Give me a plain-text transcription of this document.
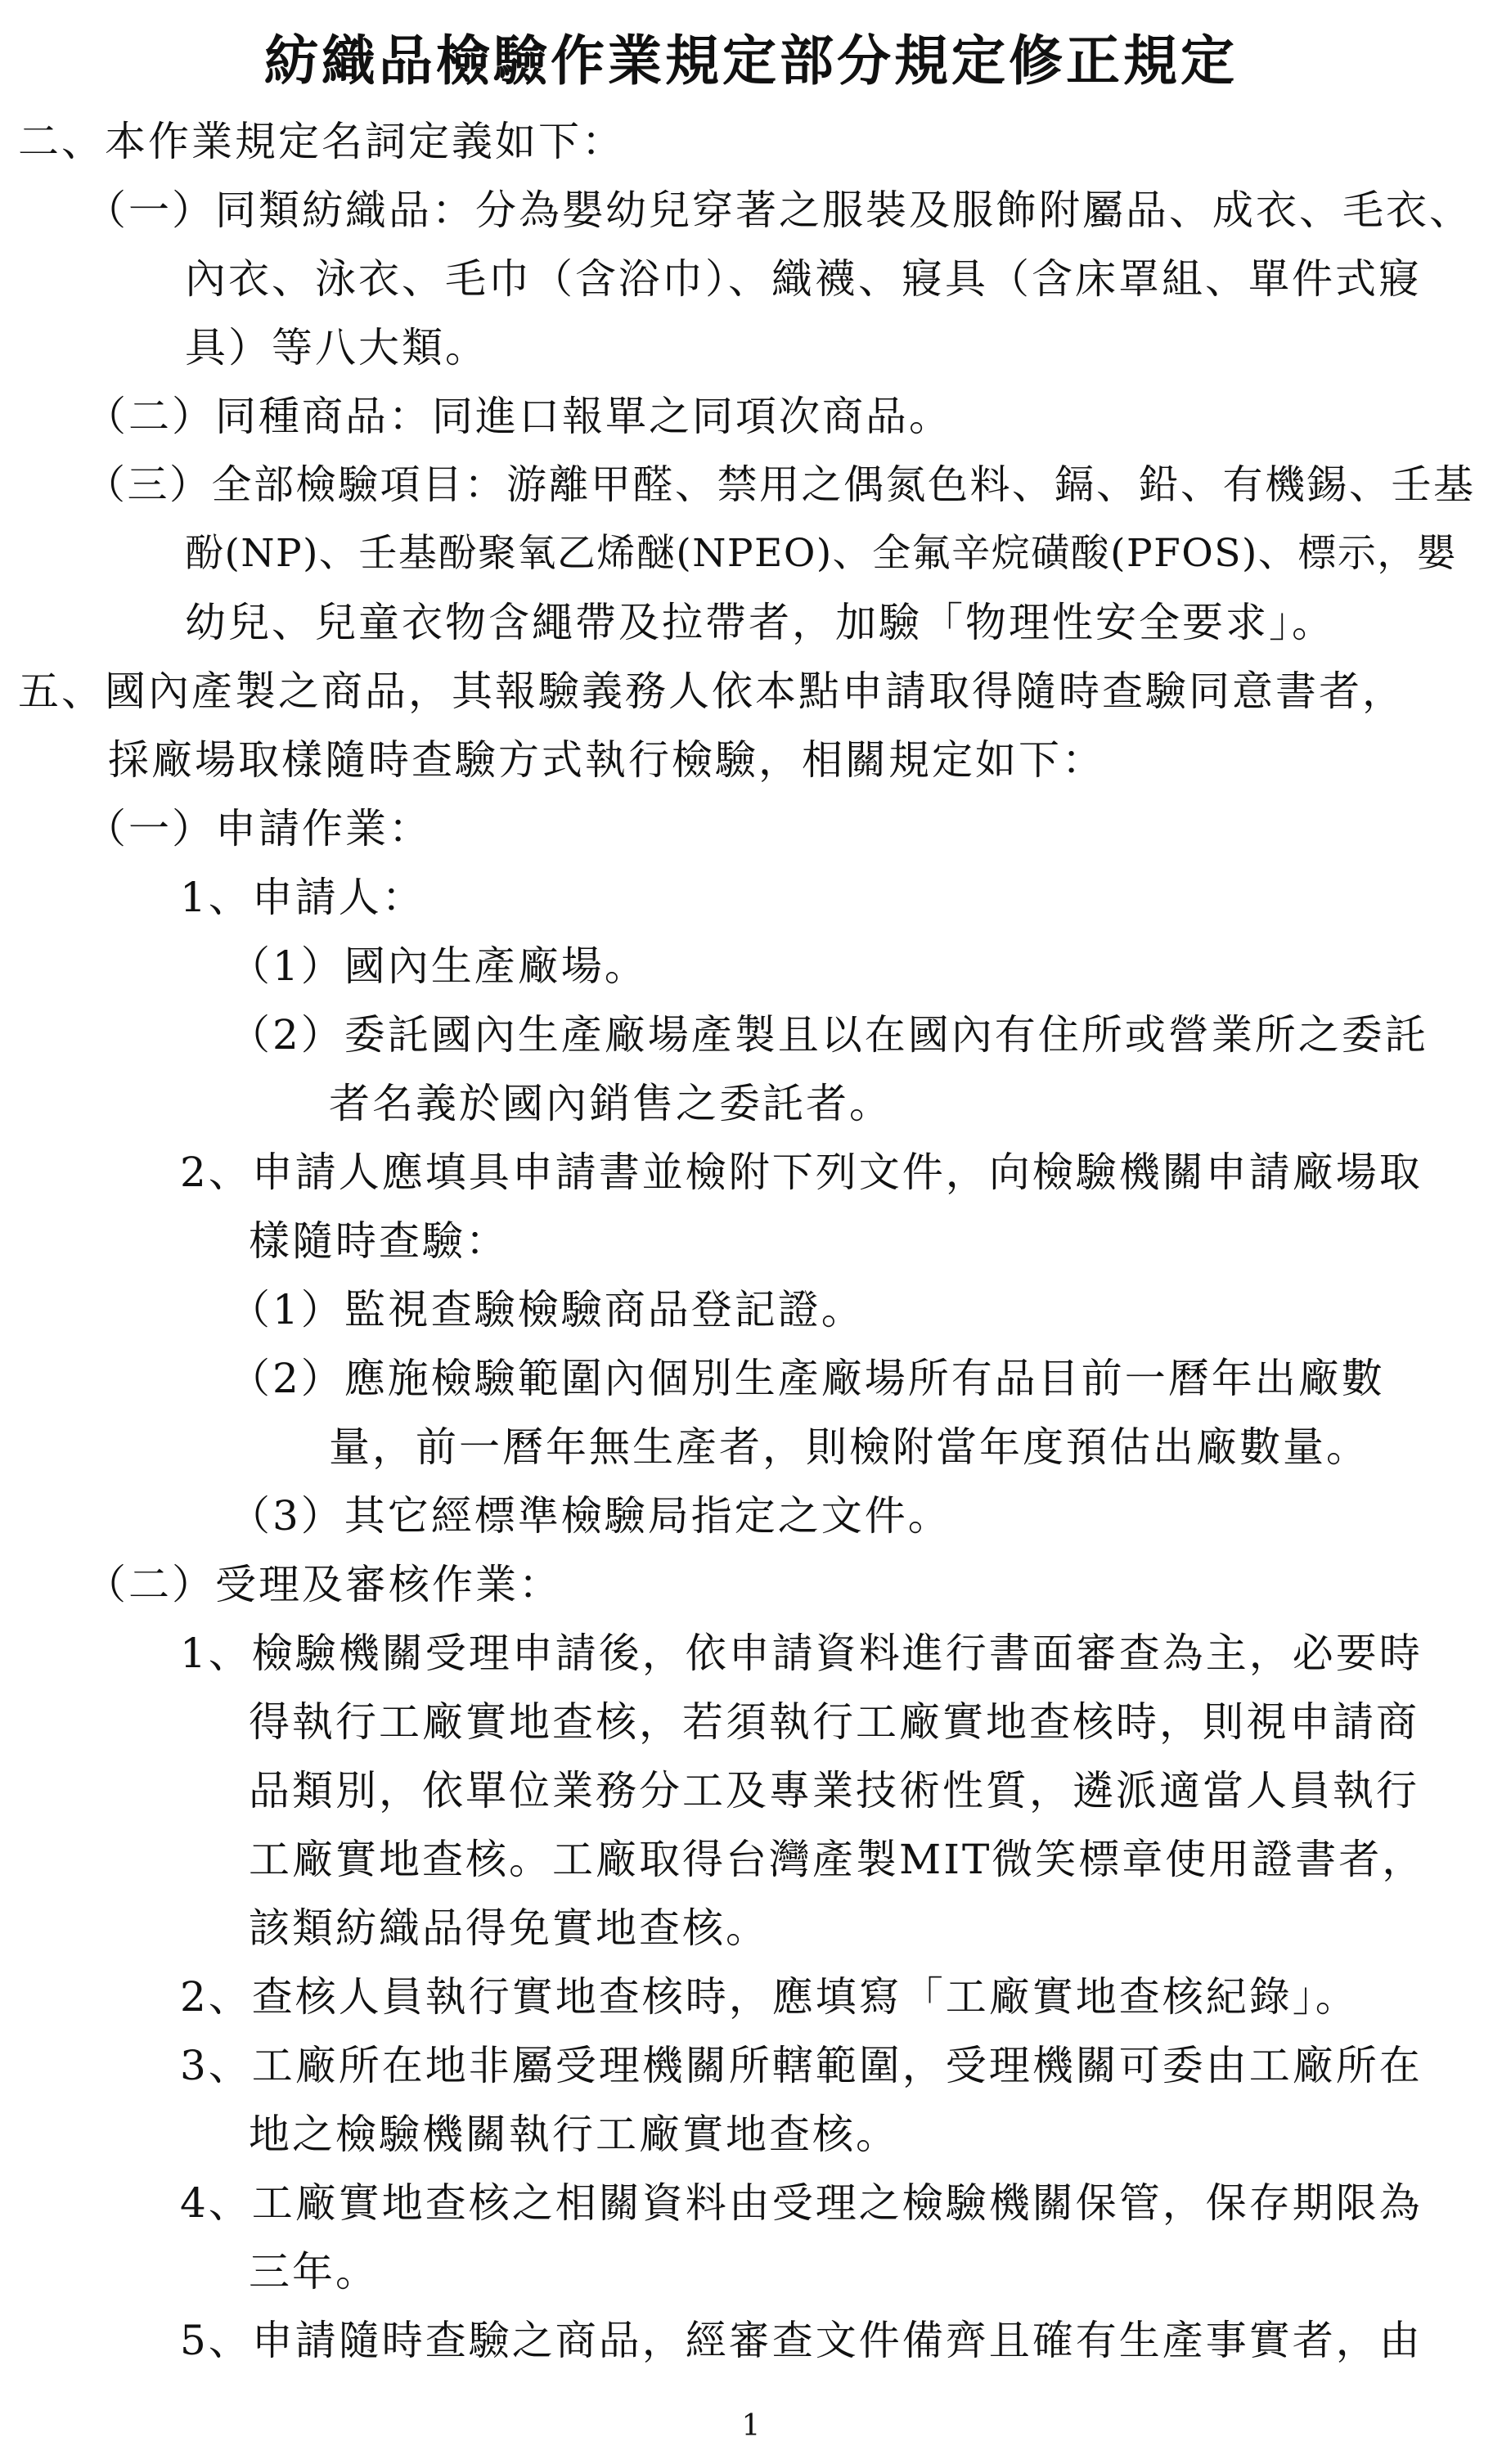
紡織品檢驗作業規定部分規定修正規定

二、本作業規定名詞定義如下：

（一）同類紡織品：分為嬰幼兒穿著之服裝及服飾附屬品、成衣、毛衣、

內衣、泳衣、毛巾（含浴巾）、織襪、寢具（含床罩組、單件式寢

具）等八大類。

（二）同種商品：同進口報單之同項次商品。

（三）全部檢驗項目：游離甲醛、禁用之偶氮色料、鎘、鉛、有機錫、壬基

酚(NP)、壬基酚聚氧乙烯醚(NPEO)、全氟辛烷磺酸(PFOS)、標示，嬰

幼兒、兒童衣物含繩帶及拉帶者，加驗「物理性安全要求」。

五、國內產製之商品，其報驗義務人依本點申請取得隨時查驗同意書者，

採廠場取樣隨時查驗方式執行檢驗，相關規定如下：

（一）申請作業：

1、申請人：

（1）國內生產廠場。

（2）委託國內生產廠場產製且以在國內有住所或營業所之委託

者名義於國內銷售之委託者。

2、申請人應填具申請書並檢附下列文件，向檢驗機關申請廠場取

樣隨時查驗：

（1）監視查驗檢驗商品登記證。

（2）應施檢驗範圍內個別生產廠場所有品目前一曆年出廠數

量，前一曆年無生產者，則檢附當年度預估出廠數量。

（3）其它經標準檢驗局指定之文件。

（二）受理及審核作業：

1、檢驗機關受理申請後，依申請資料進行書面審查為主，必要時

得執行工廠實地查核，若須執行工廠實地查核時，則視申請商

品類別，依單位業務分工及專業技術性質，遴派適當人員執行

工廠實地查核。工廠取得台灣產製MIT微笑標章使用證書者，

該類紡織品得免實地查核。

2、查核人員執行實地查核時，應填寫「工廠實地查核紀錄」。

3、工廠所在地非屬受理機關所轄範圍，受理機關可委由工廠所在

地之檢驗機關執行工廠實地查核。

4、工廠實地查核之相關資料由受理之檢驗機關保管，保存期限為

三年。

5、申請隨時查驗之商品，經審查文件備齊且確有生產事實者，由

1
